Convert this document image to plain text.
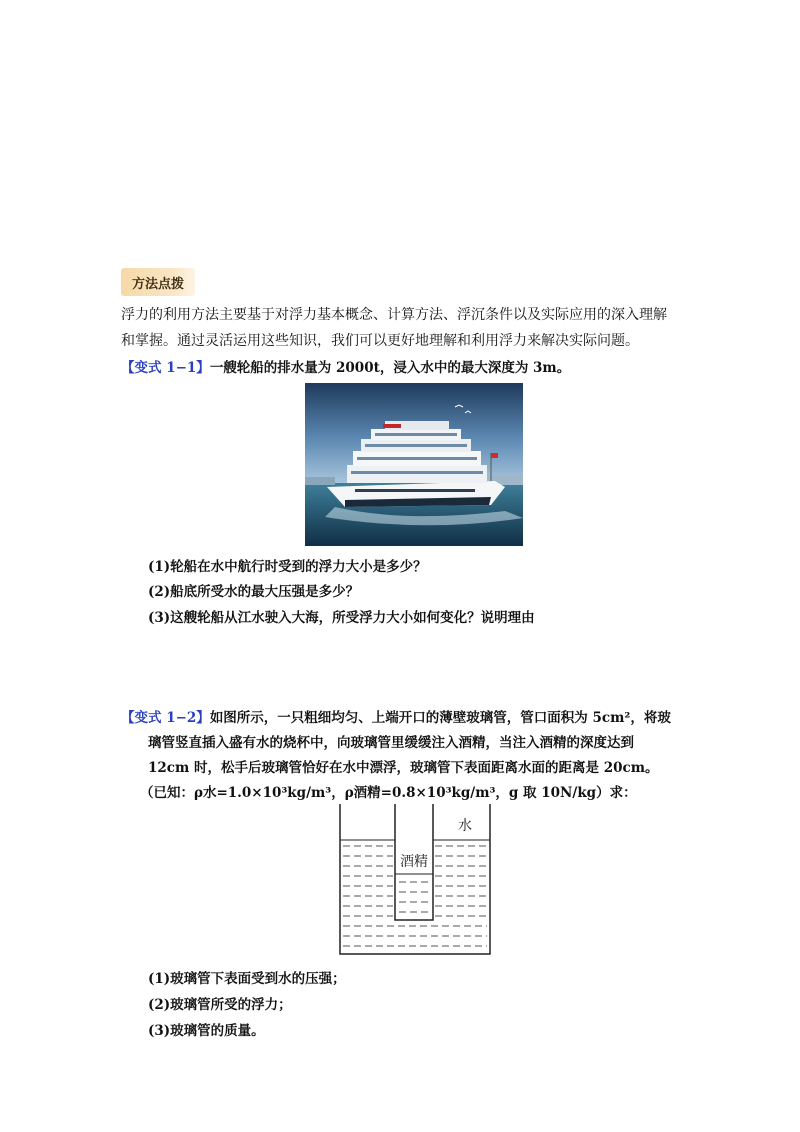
方法点拨
浮力的利用方法主要基于对浮力基本概念、计算方法、浮沉条件以及实际应用的深入理解
和掌握。通过灵活运用这些知识，我们可以更好地理解和利用浮力来解决实际问题。
【变式 1−1】一艘轮船的排水量为 2000t，浸入水中的最大深度为 3m。
(1)轮船在水中航行时受到的浮力大小是多少？
(2)船底所受水的最大压强是多少？
(3)这艘轮船从江水驶入大海，所受浮力大小如何变化？说明理由
【变式 1−2】如图所示，一只粗细均匀、上端开口的薄壁玻璃管，管口面积为 5cm²，将玻
璃管竖直插入盛有水的烧杯中，向玻璃管里缓缓注入酒精，当注入酒精的深度达到
12cm 时，松手后玻璃管恰好在水中漂浮，玻璃管下表面距离水面的距离是 20cm。
（已知：ρ水=1.0×10³kg/m³，ρ酒精=0.8×10³kg/m³，g 取 10N/kg）求：
酒精
水
(1)玻璃管下表面受到水的压强；
(2)玻璃管所受的浮力；
(3)玻璃管的质量。
